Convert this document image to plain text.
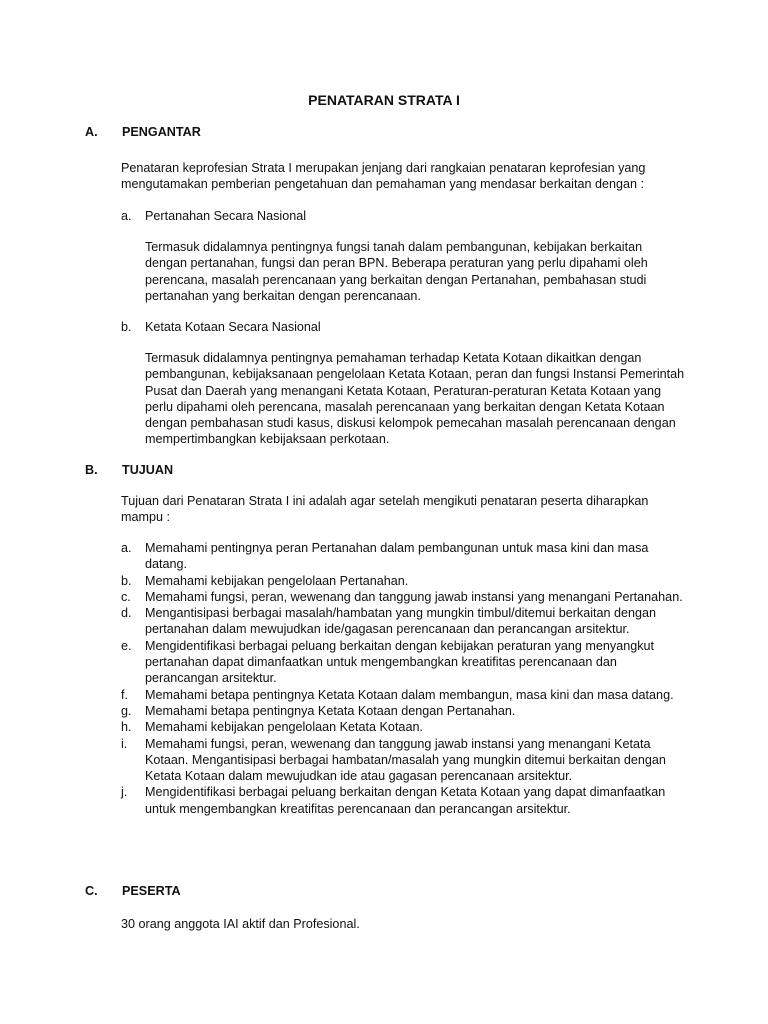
PENATARAN STRATA I
A. PENGANTAR
Penataran keprofesian Strata I merupakan jenjang dari rangkaian penataran keprofesian yang mengutamakan pemberian pengetahuan dan pemahaman yang mendasar berkaitan dengan :
a. Pertanahan Secara Nasional
Termasuk didalamnya pentingnya fungsi tanah dalam pembangunan, kebijakan berkaitan dengan pertanahan, fungsi dan peran BPN. Beberapa peraturan yang perlu dipahami oleh perencana, masalah perencanaan yang berkaitan dengan Pertanahan, pembahasan studi pertanahan yang berkaitan dengan perencanaan.
b. Ketata Kotaan Secara Nasional
Termasuk didalamnya pentingnya pemahaman terhadap Ketata Kotaan dikaitkan dengan pembangunan, kebijaksanaan pengelolaan Ketata Kotaan, peran dan fungsi Instansi Pemerintah Pusat dan Daerah yang menangani Ketata Kotaan, Peraturan-peraturan Ketata Kotaan yang perlu dipahami oleh perencana, masalah perencanaan yang berkaitan dengan Ketata Kotaan dengan pembahasan studi kasus, diskusi kelompok pemecahan masalah perencanaan dengan mempertimbangkan kebijaksaan perkotaan.
B. TUJUAN
Tujuan dari Penataran Strata I ini adalah agar setelah mengikuti penataran peserta diharapkan mampu :
a. Memahami pentingnya peran Pertanahan dalam pembangunan untuk masa kini dan masa datang.
b. Memahami kebijakan pengelolaan Pertanahan.
c. Memahami fungsi, peran, wewenang dan tanggung jawab instansi yang menangani Pertanahan.
d. Mengantisipasi berbagai masalah/hambatan yang mungkin timbul/ditemui berkaitan dengan pertanahan dalam mewujudkan ide/gagasan perencanaan dan perancangan arsitektur.
e. Mengidentifikasi berbagai peluang berkaitan dengan kebijakan peraturan yang menyangkut pertanahan dapat dimanfaatkan untuk mengembangkan kreatifitas perencanaan dan perancangan arsitektur.
f. Memahami betapa pentingnya Ketata Kotaan dalam membangun, masa kini dan masa datang.
g. Memahami betapa pentingnya Ketata Kotaan dengan Pertanahan.
h. Memahami kebijakan pengelolaan Ketata Kotaan.
i. Memahami fungsi, peran, wewenang dan tanggung jawab instansi yang menangani Ketata Kotaan. Mengantisipasi berbagai hambatan/masalah yang mungkin ditemui berkaitan dengan Ketata Kotaan dalam mewujudkan ide atau gagasan perencanaan arsitektur.
j. Mengidentifikasi berbagai peluang berkaitan dengan Ketata Kotaan yang dapat dimanfaatkan untuk mengembangkan kreatifitas perencanaan dan perancangan arsitektur.
C. PESERTA
30 orang anggota IAI aktif dan Profesional.
